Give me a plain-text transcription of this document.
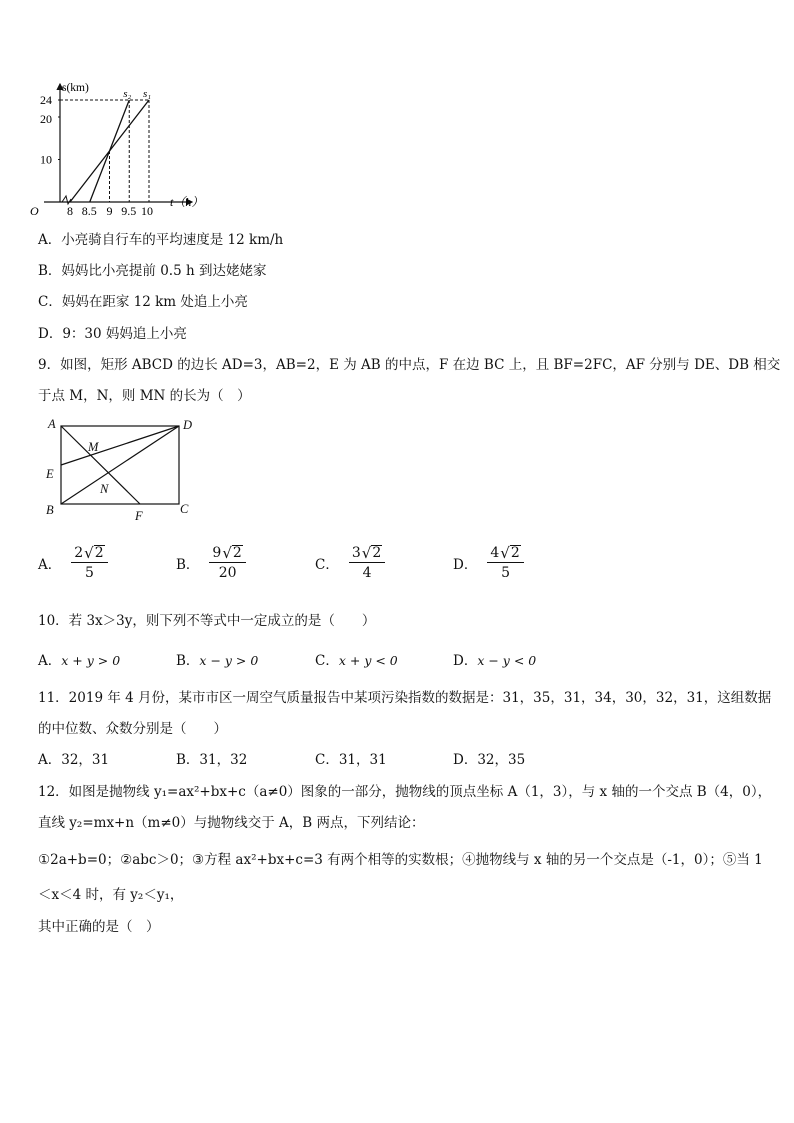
s₁
s₂
10
20
24
8 8.5 9 9.5 10
s(km)
t（h）
O
A．小亮骑自行车的平均速度是 12 km/h
B．妈妈比小亮提前 0.5 h 到达姥姥家
C．妈妈在距家 12 km 处追上小亮
D．9：30 妈妈追上小亮
9．如图，矩形 ABCD 的边长 AD=3，AB=2，E 为 AB 的中点，F 在边 BC 上，且 BF=2FC，AF 分别与 DE、DB 相交
于点 M，N，则 MN 的长为（　）
A	D
E
B	C
F
M
N
A． $\frac{2 √ 2}{5}$	B． $\frac{9 √ 2}{20}$	C． $\frac{3 √ 2}{4}$	D． $\frac{4 √ 2}{5}$
10．若 3x＞3y，则下列不等式中一定成立的是（　　）
A．x + y > 0	B．x − y > 0	C．x + y < 0	D．x − y < 0
11．2019 年 4 月份，某市市区一周空气质量报告中某项污染指数的数据是：31，35，31，34，30，32，31，这组数据
的中位数、众数分别是（　　）
A．32，31	B．31，32	C．31，31	D．32，35
12．如图是抛物线 y₁=ax²+bx+c（a≠0）图象的一部分，抛物线的顶点坐标 A（1，3），与 x 轴的一个交点 B（4，0），
直线 y₂=mx+n（m≠0）与抛物线交于 A，B 两点，下列结论：
①2a+b=0；②abc＞0；③方程 ax²+bx+c=3 有两个相等的实数根；④抛物线与 x 轴的另一个交点是（-1，0）；⑤当 1
＜x＜4 时，有 y₂＜y₁，
其中正确的是（　）
